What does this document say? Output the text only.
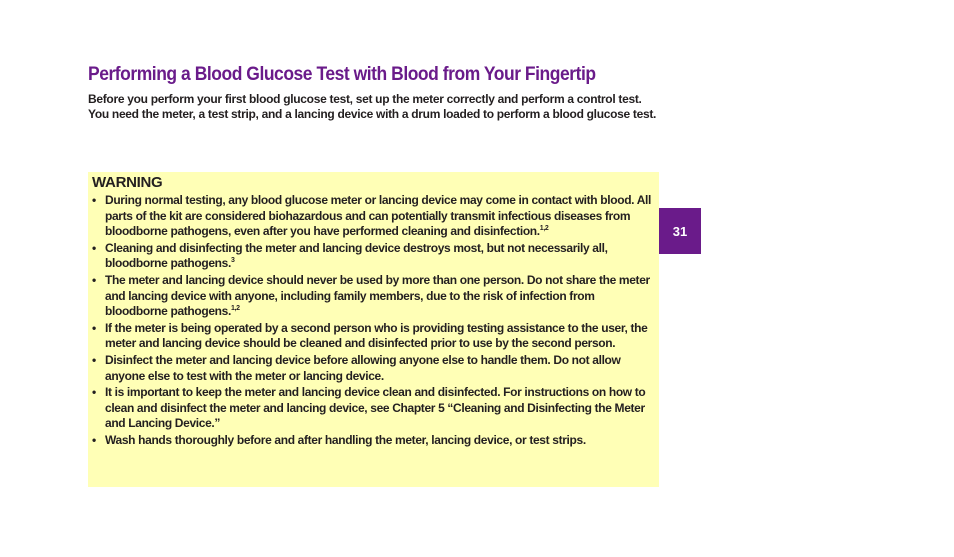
Performing a Blood Glucose Test with Blood from Your Fingertip

Before you perform your first blood glucose test, set up the meter correctly and perform a control test. You need the meter, a test strip, and a lancing device with a drum loaded to perform a blood glucose test.

WARNING
• During normal testing, any blood glucose meter or lancing device may come in contact with blood. All parts of the kit are considered biohazardous and can potentially transmit infectious diseases from bloodborne pathogens, even after you have performed cleaning and disinfection.$^{1,2}$
• Cleaning and disinfecting the meter and lancing device destroys most, but not necessarily all, bloodborne pathogens.$^3$
• The meter and lancing device should never be used by more than one person. Do not share the meter and lancing device with anyone, including family members, due to the risk of infection from bloodborne pathogens.$^{1,2}$
• If the meter is being operated by a second person who is providing testing assistance to the user, the meter and lancing device should be cleaned and disinfected prior to use by the second person.
• Disinfect the meter and lancing device before allowing anyone else to handle them. Do not allow anyone else to test with the meter or lancing device.
• It is important to keep the meter and lancing device clean and disinfected. For instructions on how to clean and disinfect the meter and lancing device, see Chapter 5 “Cleaning and Disinfecting the Meter and Lancing Device.”
• Wash hands thoroughly before and after handling the meter, lancing device, or test strips.
31
